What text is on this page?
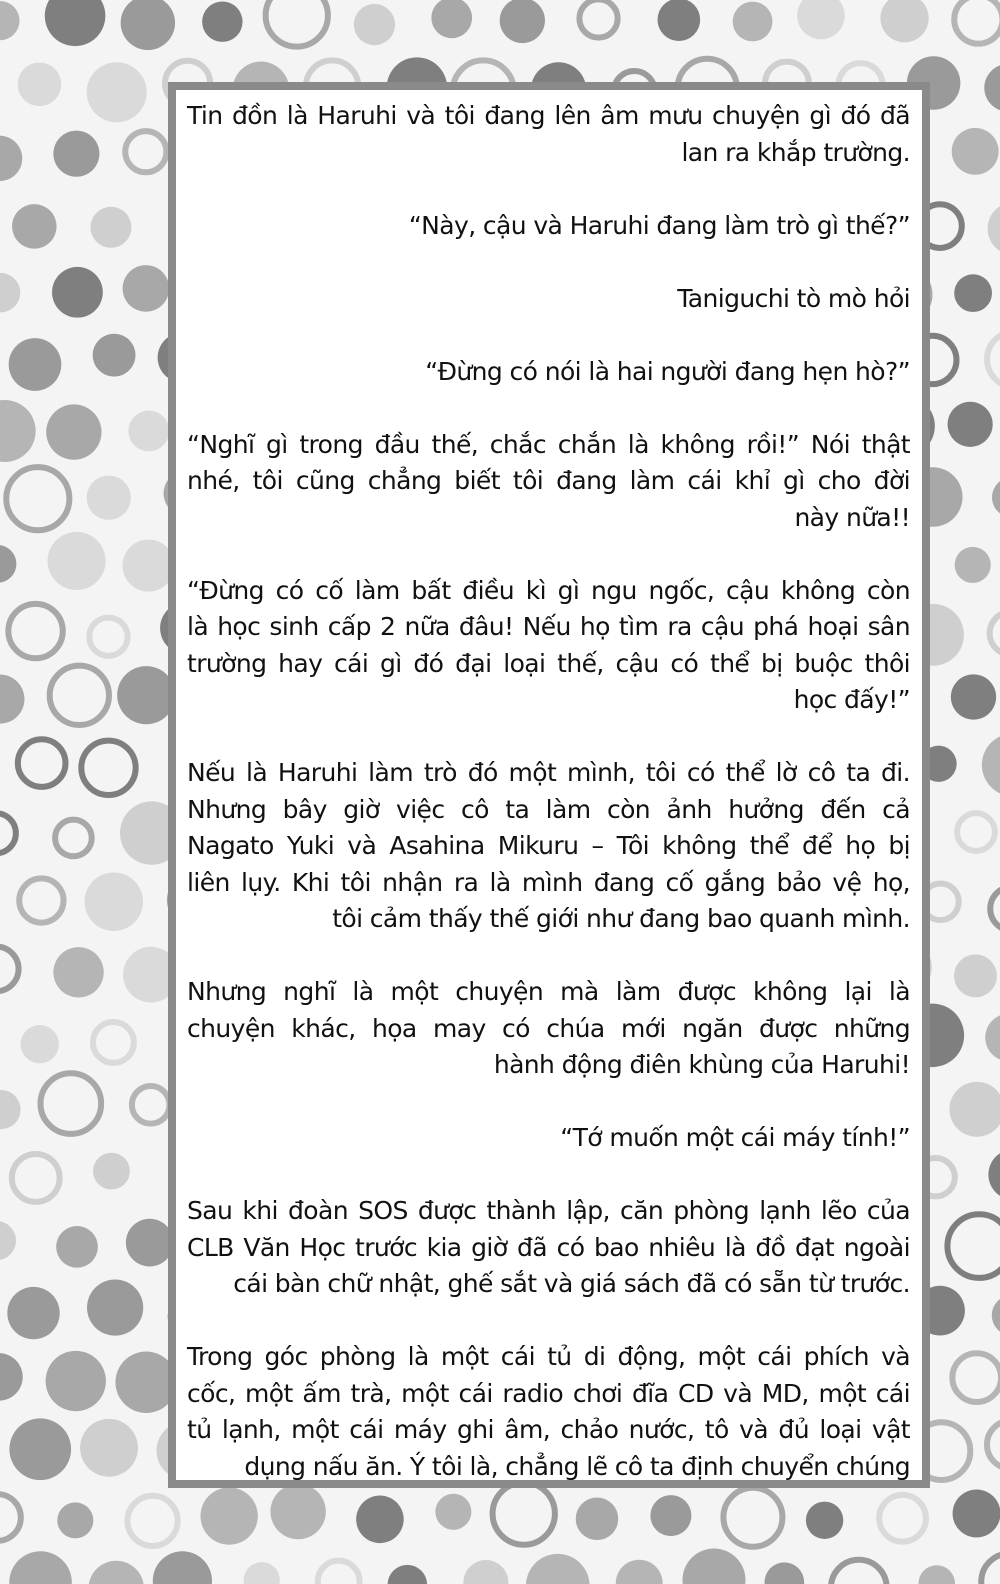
Tin đồn là Haruhi và tôi đang lên âm mưu chuyện gì đó đã
lan ra khắp trường.
“Này, cậu và Haruhi đang làm trò gì thế?”
Taniguchi tò mò hỏi
“Đừng có nói là hai người đang hẹn hò?”
“Nghĩ gì trong đầu thế, chắc chắn là không rồi!” Nói thật
nhé, tôi cũng chẳng biết tôi đang làm cái khỉ gì cho đời
này nữa!!
“Đừng có cố làm bất điều kì gì ngu ngốc, cậu không còn
là học sinh cấp 2 nữa đâu! Nếu họ tìm ra cậu phá hoại sân
trường hay cái gì đó đại loại thế, cậu có thể bị buộc thôi
học đấy!”
Nếu là Haruhi làm trò đó một mình, tôi có thể lờ cô ta đi.
Nhưng bây giờ việc cô ta làm còn ảnh hưởng đến cả
Nagato Yuki và Asahina Mikuru – Tôi không thể để họ bị
liên lụy. Khi tôi nhận ra là mình đang cố gắng bảo vệ họ,
tôi cảm thấy thế giới như đang bao quanh mình.
Nhưng nghĩ là một chuyện mà làm được không lại là
chuyện khác, họa may có chúa mới ngăn được những
hành động điên khùng của Haruhi!
“Tớ muốn một cái máy tính!”
Sau khi đoàn SOS được thành lập, căn phòng lạnh lẽo của
CLB Văn Học trước kia giờ đã có bao nhiêu là đồ đạt ngoài
cái bàn chữ nhật, ghế sắt và giá sách đã có sẵn từ trước.
Trong góc phòng là một cái tủ di động, một cái phích và
cốc, một ấm trà, một cái radio chơi đĩa CD và MD, một cái
tủ lạnh, một cái máy ghi âm, chảo nước, tô và đủ loại vật
dụng nấu ăn. Ý tôi là, chẳng lẽ cô ta định chuyển chúng
